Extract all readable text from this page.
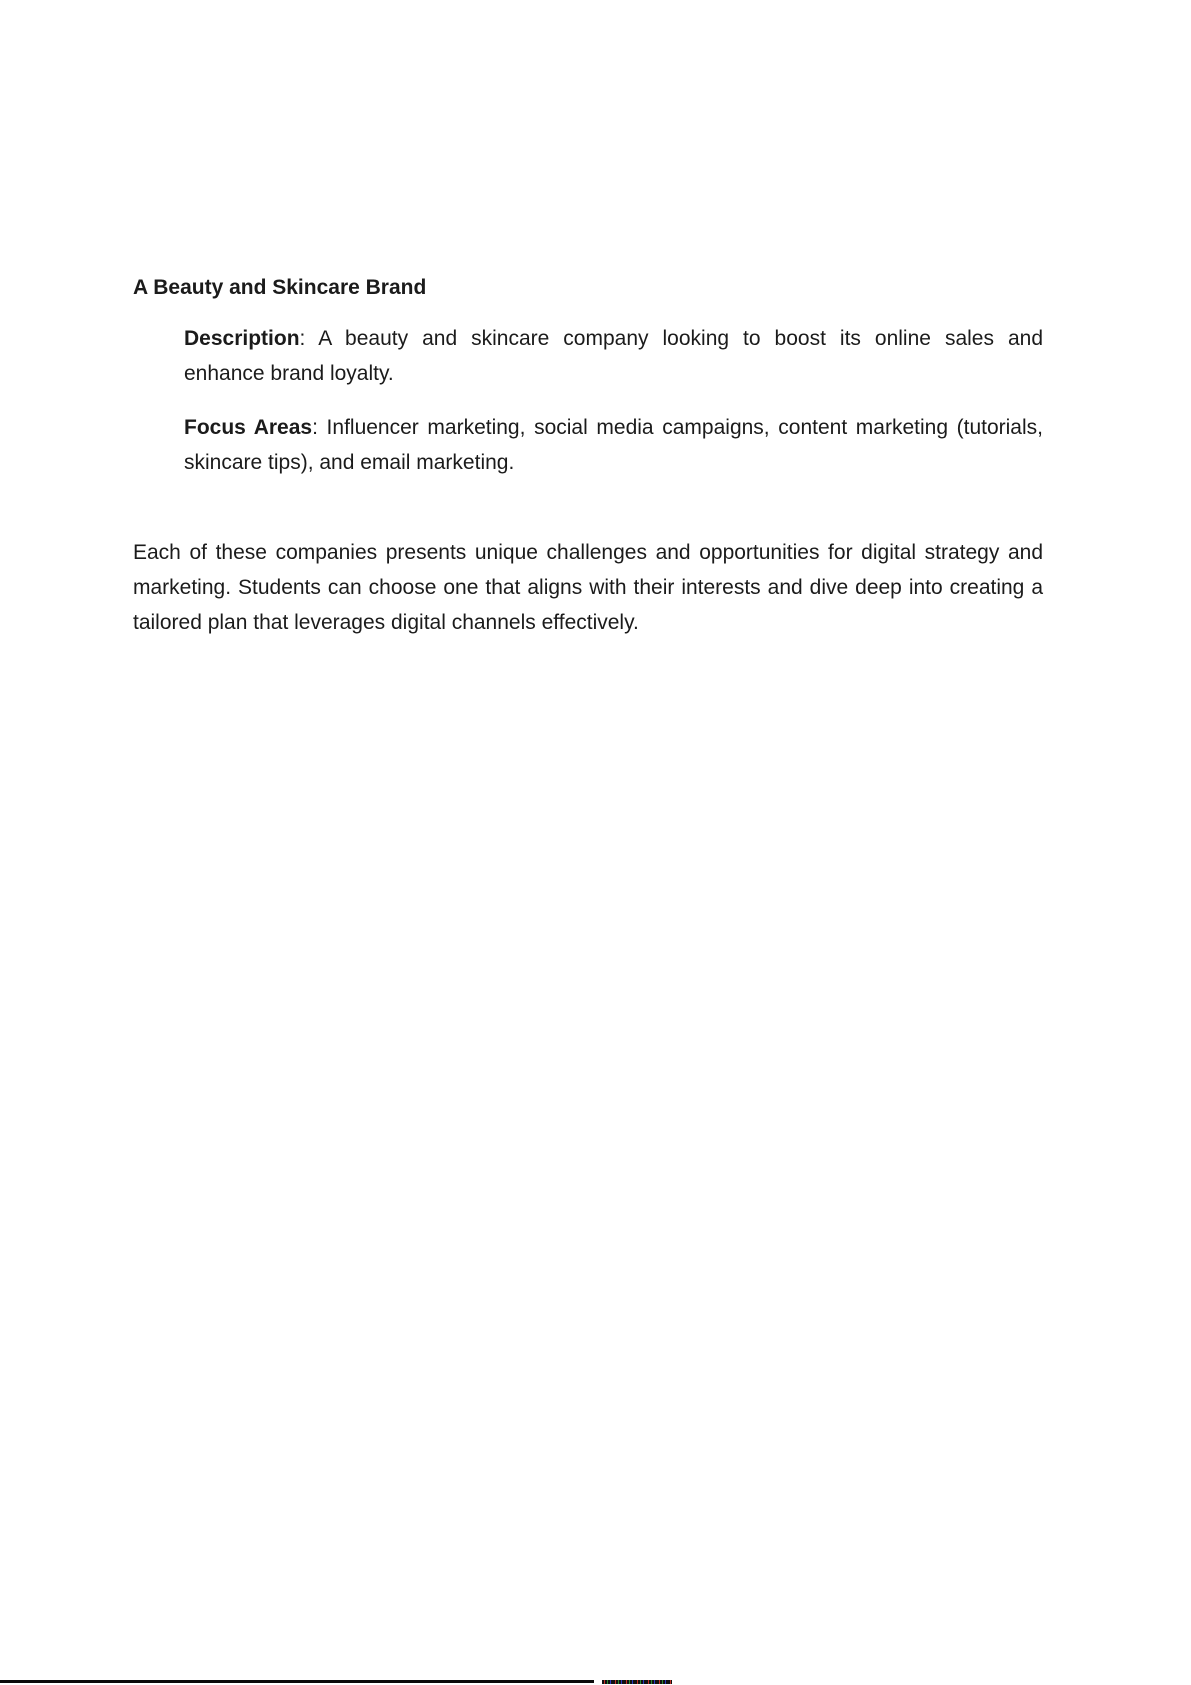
A Beauty and Skincare Brand
Description: A beauty and skincare company looking to boost its online sales and
enhance brand loyalty.
Focus Areas: Influencer marketing, social media campaigns, content marketing (tutorials,
skincare tips), and email marketing.
Each of these companies presents unique challenges and opportunities for digital strategy and
marketing. Students can choose one that aligns with their interests and dive deep into creating a
tailored plan that leverages digital channels effectively.
